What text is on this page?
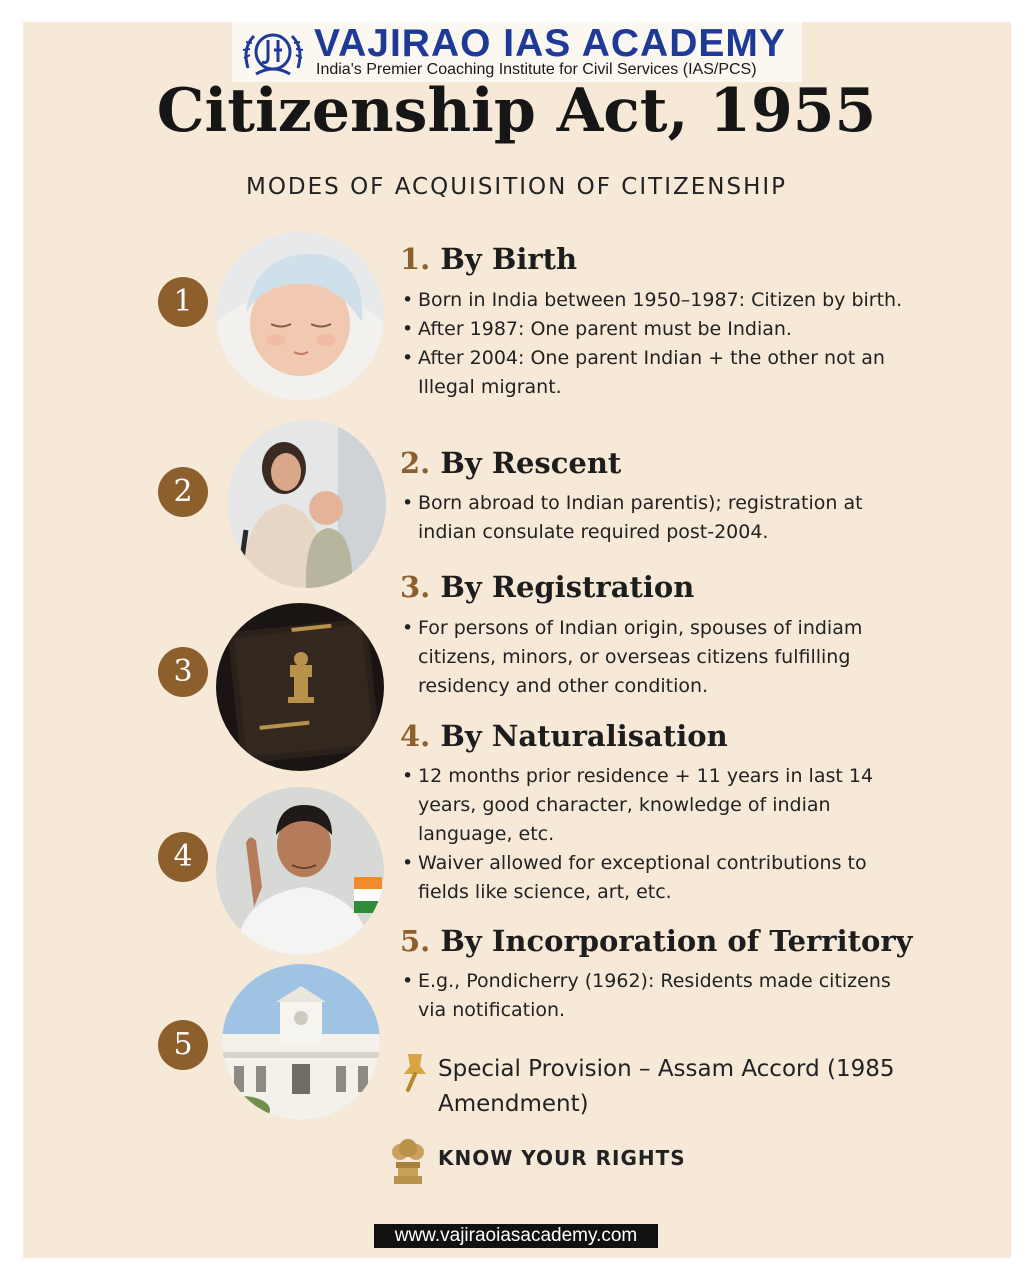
VAJIRAO IAS ACADEMY
India's Premier Coaching Institute for Civil Services (IAS/PCS)
Citizenship Act, 1955
MODES OF ACQUISITION OF CITIZENSHIP
1
1. By Birth
• Born in India between 1950–1987: Citizen by birth.
• After 1987: One parent must be Indian.
• After 2004: One parent Indian + the other not an Illegal migrant.
2
2. By Rescent
• Born abroad to Indian parentis); registration at indian consulate required post-2004.
3
3. By Registration
• For persons of Indian origin, spouses of indiam citizens, minors, or overseas citizens fulfilling residency and other condition.
4
4. By Naturalisation
• 12 months prior residence + 11 years in last 14 years, good character, knowledge of indian language, etc.
• Waiver allowed for exceptional contributions to fields like science, art, etc.
5
5. By Incorporation of Territory
• E.g., Pondicherry (1962): Residents made citizens via notification.
Special Provision – Assam Accord (1985 Amendment)
KNOW YOUR RIGHTS
www.vajiraoiasacademy.com
